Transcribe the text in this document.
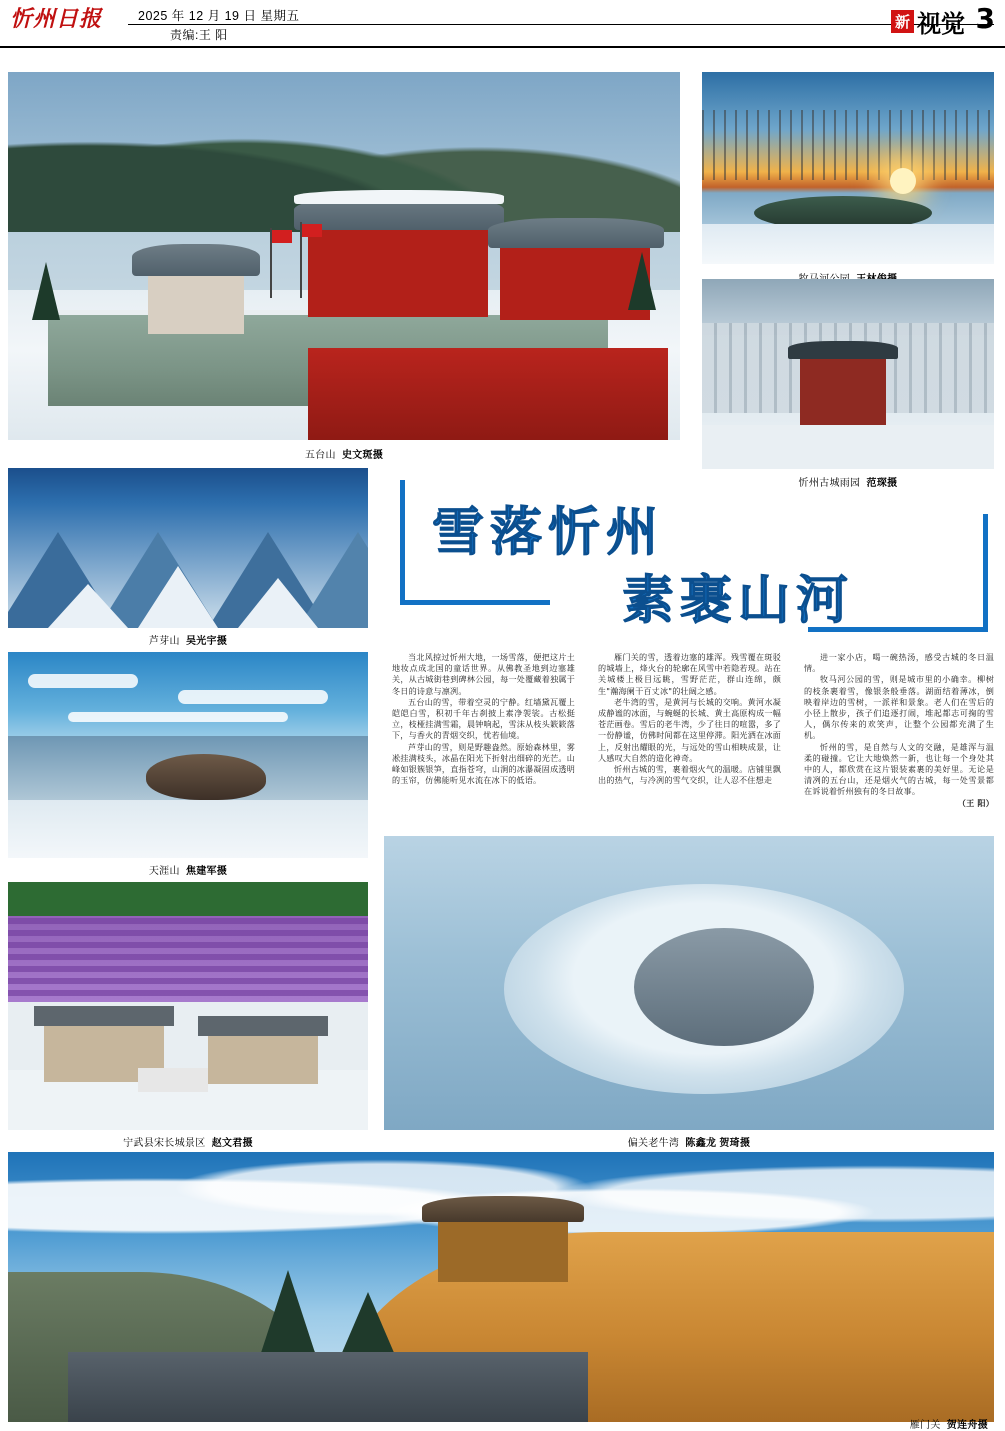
忻州日报	2025 年 12 月 19 日 星期五
责编:王 阳
新 视觉 3
五台山 史文斑摄

忻州古城雨园 范琛摄
芦芽山 吴光宇摄
天涯山 焦建军摄
宁武县宋长城景区 赵文君摄	偏关老牛湾 陈鑫龙 贺琦摄
雁门关 贺连舟摄
雪落忻州
素裹山河

当北风掠过忻州大地，一场雪落，便把这片土地妆点成北国的童话世界。从佛教圣地到边塞雄关，从古城街巷到碑林公园，每一处覆藏着独属于冬日的诗意与凛冽。

五台山的雪，带着空灵的宁静。红墙黛瓦覆上皑皑白雪，积初千年古刹披上素净袈裟。古松挺立，枝桠挂满雪霜，晨钟响起，雪沫从枝头簌簌落下，与香火的青烟交织，忧若仙境。

芦芽山的雪，则是野趣盎然。原始森林里，雾凇挂满枝头，冰晶在阳光下折射出细碎的光芒。山峰如银簇银笋，直指苍穹，山涧的冰瀑凝固成透明的玉帘，仿佛能听见水流在冰下的低语。

雁门关的雪，透着边塞的雄浑。残雪覆在斑驳的城墙上，烽火台的轮廓在风雪中若隐若现。站在关城楼上极目远眺，雪野茫茫，群山连绵，颇生"瀚海阑干百丈冰"的壮阔之感。

老牛湾的雪，是黄河与长城的交响。黄河水凝成静谧的冰面，与蜿蜒的长城、黄土高原构成一幅苍茫画卷。雪后的老牛湾，少了往日的喧嚣，多了一份静谧，仿佛时间都在这里停滞。阳光洒在冰面上，反射出耀眼的光，与远处的雪山相映成景，让人感叹大自然的造化神奇。

忻州古城的雪，裹着烟火气的温暖。店铺里飘出的热气，与冷冽的雪气交织，让人忍不住想走

进一家小店，喝一碗热汤，感受古城的冬日温情。

牧马河公园的雪，则是城市里的小确幸。柳树的枝条裹着雪，像银条般垂落。湖面结着薄冰，倒映着岸边的雪树，一派祥和景象。老人们在雪后的小径上散步，孩子们追逐打闹，堆起都志可掬的雪人，偶尔传来的欢笑声，让整个公园都充满了生机。

忻州的雪，是自然与人文的交融，是雄浑与温柔的碰撞。它让大地焕然一新，也让每一个身处其中的人，都欣赏在这片银装素裹的美好里。无论是清冽的五台山，还是烟火气的古城，每一处雪景都在诉说着忻州独有的冬日故事。

（王 阳）
